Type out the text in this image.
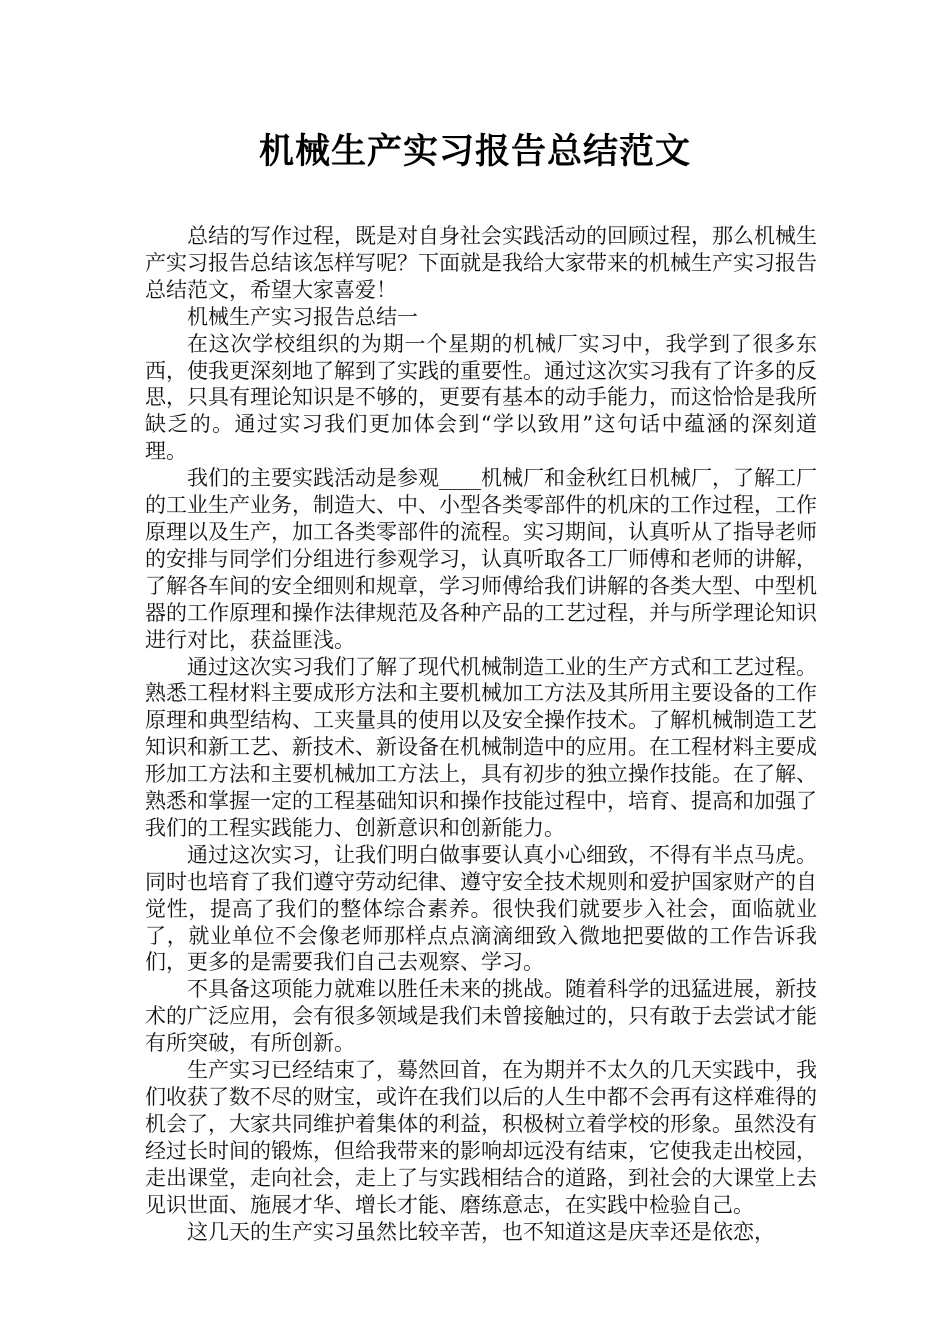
机械生产实习报告总结范文

总结的写作过程，既是对自身社会实践活动的回顾过程，那么机械生产实习报告总结该怎样写呢？下面就是我给大家带来的机械生产实习报告总结范文，希望大家喜爱！

机械生产实习报告总结一

在这次学校组织的为期一个星期的机械厂实习中，我学到了很多东西，使我更深刻地了解到了实践的重要性。通过这次实习我有了许多的反思，只具有理论知识是不够的，更要有基本的动手能力，而这恰恰是我所缺乏的。通过实习我们更加体会到“学以致用”这句话中蕴涵的深刻道理。

我们的主要实践活动是参观____机械厂和金秋红日机械厂，了解工厂的工业生产业务，制造大、中、小型各类零部件的机床的工作过程，工作原理以及生产，加工各类零部件的流程。实习期间，认真听从了指导老师的安排与同学们分组进行参观学习，认真听取各工厂师傅和老师的讲解，了解各车间的安全细则和规章，学习师傅给我们讲解的各类大型、中型机器的工作原理和操作法律规范及各种产品的工艺过程，并与所学理论知识进行对比，获益匪浅。

通过这次实习我们了解了现代机械制造工业的生产方式和工艺过程。熟悉工程材料主要成形方法和主要机械加工方法及其所用主要设备的工作原理和典型结构、工夹量具的使用以及安全操作技术。了解机械制造工艺知识和新工艺、新技术、新设备在机械制造中的应用。在工程材料主要成形加工方法和主要机械加工方法上，具有初步的独立操作技能。在了解、熟悉和掌握一定的工程基础知识和操作技能过程中，培育、提高和加强了我们的工程实践能力、创新意识和创新能力。

通过这次实习，让我们明白做事要认真小心细致，不得有半点马虎。同时也培育了我们遵守劳动纪律、遵守安全技术规则和爱护国家财产的自觉性，提高了我们的整体综合素养。很快我们就要步入社会，面临就业了，就业单位不会像老师那样点点滴滴细致入微地把要做的工作告诉我们，更多的是需要我们自己去观察、学习。

不具备这项能力就难以胜任未来的挑战。随着科学的迅猛进展，新技术的广泛应用，会有很多领域是我们未曾接触过的，只有敢于去尝试才能有所突破，有所创新。

生产实习已经结束了，蓦然回首，在为期并不太久的几天实践中，我们收获了数不尽的财宝，或许在我们以后的人生中都不会再有这样难得的机会了，大家共同维护着集体的利益，积极树立着学校的形象。虽然没有经过长时间的锻炼，但给我带来的影响却远没有结束，它使我走出校园，走出课堂，走向社会，走上了与实践相结合的道路，到社会的大课堂上去见识世面、施展才华、增长才能、磨练意志，在实践中检验自己。

这几天的生产实习虽然比较辛苦，也不知道这是庆幸还是依恋，
